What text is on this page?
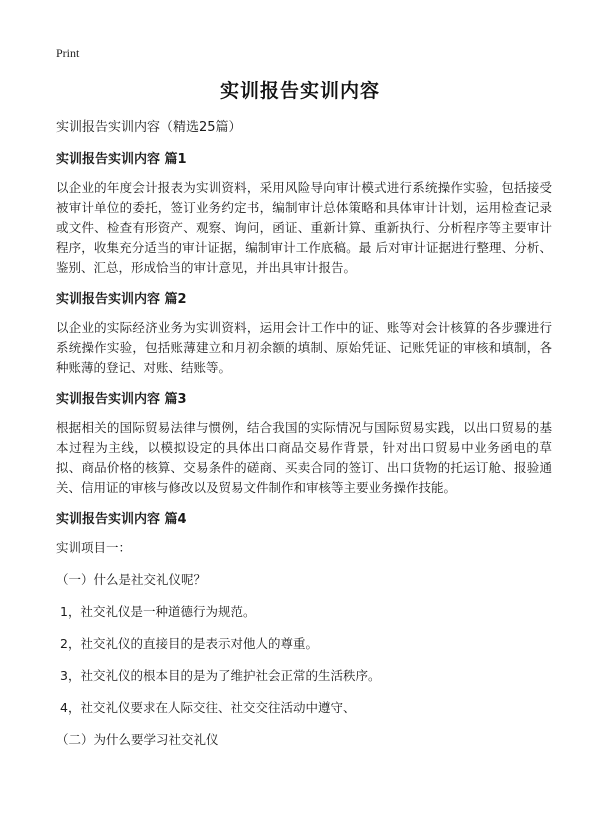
Print
实训报告实训内容

实训报告实训内容（精选25篇）

实训报告实训内容 篇1

以企业的年度会计报表为实训资料，采用风险导向审计模式进行系统操作实验，包括接受被审计单位的委托，签订业务约定书，编制审计总体策略和具体审计计划，运用检查记录或文件、检查有形资产、观察、询问，函证、重新计算、重新执行、分析程序等主要审计程序，收集充分适当的审计证据，编制审计工作底稿。最 后对审计证据进行整理、分析、鉴别、汇总，形成恰当的审计意见，并出具审计报告。

实训报告实训内容 篇2

以企业的实际经济业务为实训资料，运用会计工作中的证、账等对会计核算的各步骤进行系统操作实验，包括账薄建立和月初余额的填制、原始凭证、记账凭证的审核和填制，各种账薄的登记、对账、结账等。

实训报告实训内容 篇3

根据相关的国际贸易法律与惯例，结合我国的实际情况与国际贸易实践，以出口贸易的基本过程为主线，以模拟设定的具体出口商品交易作背景，针对出口贸易中业务函电的草拟、商品价格的核算、交易条件的磋商、买卖合同的签订、出口货物的托运订舱、报验通 关、信用证的审核与修改以及贸易文件制作和审核等主要业务操作技能。

实训报告实训内容 篇4

实训项目一：

（一）什么是社交礼仪呢？

1，社交礼仪是一种道德行为规范。

2，社交礼仪的直接目的是表示对他人的尊重。

3，社交礼仪的根本目的是为了维护社会正常的生活秩序。

4，社交礼仪要求在人际交往、社交交往活动中遵守、

（二）为什么要学习社交礼仪
